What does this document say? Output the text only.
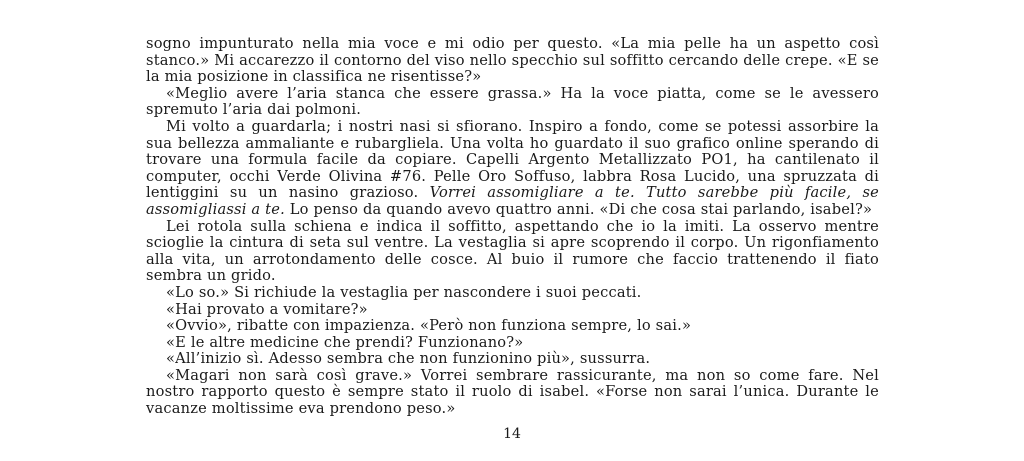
sogno impunturato nella mia voce e mi odio per questo. «La mia pelle ha un aspetto così stanco.» Mi accarezzo il contorno del viso nello specchio sul soffitto cercando delle crepe. «E se la mia posizione in classifica ne risentisse?»

«Meglio avere l’aria stanca che essere grassa.» Ha la voce piatta, come se le avessero spremuto l’aria dai polmoni.

Mi volto a guardarla; i nostri nasi si sfiorano. Inspiro a fondo, come se potessi assorbire la sua bellezza ammaliante e rubargliela. Una volta ho guardato il suo grafico online sperando di trovare una formula facile da copiare. Capelli Argento Metallizzato PO1, ha cantilenato il computer, occhi Verde Olivina #76. Pelle Oro Soffuso, labbra Rosa Lucido, una spruzzata di lentiggini su un nasino grazioso. Vorrei assomigliare a te. Tutto sarebbe più facile, se assomigliassi a te. Lo penso da quando avevo quattro anni. «Di che cosa stai parlando, isabel?»

Lei rotola sulla schiena e indica il soffitto, aspettando che io la imiti. La osservo mentre scioglie la cintura di seta sul ventre. La vestaglia si apre scoprendo il corpo. Un rigonfiamento alla vita, un arrotondamento delle cosce. Al buio il rumore che faccio trattenendo il fiato sembra un grido.

«Lo so.» Si richiude la vestaglia per nascondere i suoi peccati.

«Hai provato a vomitare?»

«Ovvio», ribatte con impazienza. «Però non funziona sempre, lo sai.»

«E le altre medicine che prendi? Funzionano?»

«All’inizio sì. Adesso sembra che non funzionino più», sussurra.

«Magari non sarà così grave.» Vorrei sembrare rassicurante, ma non so come fare. Nel nostro rapporto questo è sempre stato il ruolo di isabel. «Forse non sarai l’unica. Durante le vacanze moltissime eva prendono peso.»

14
